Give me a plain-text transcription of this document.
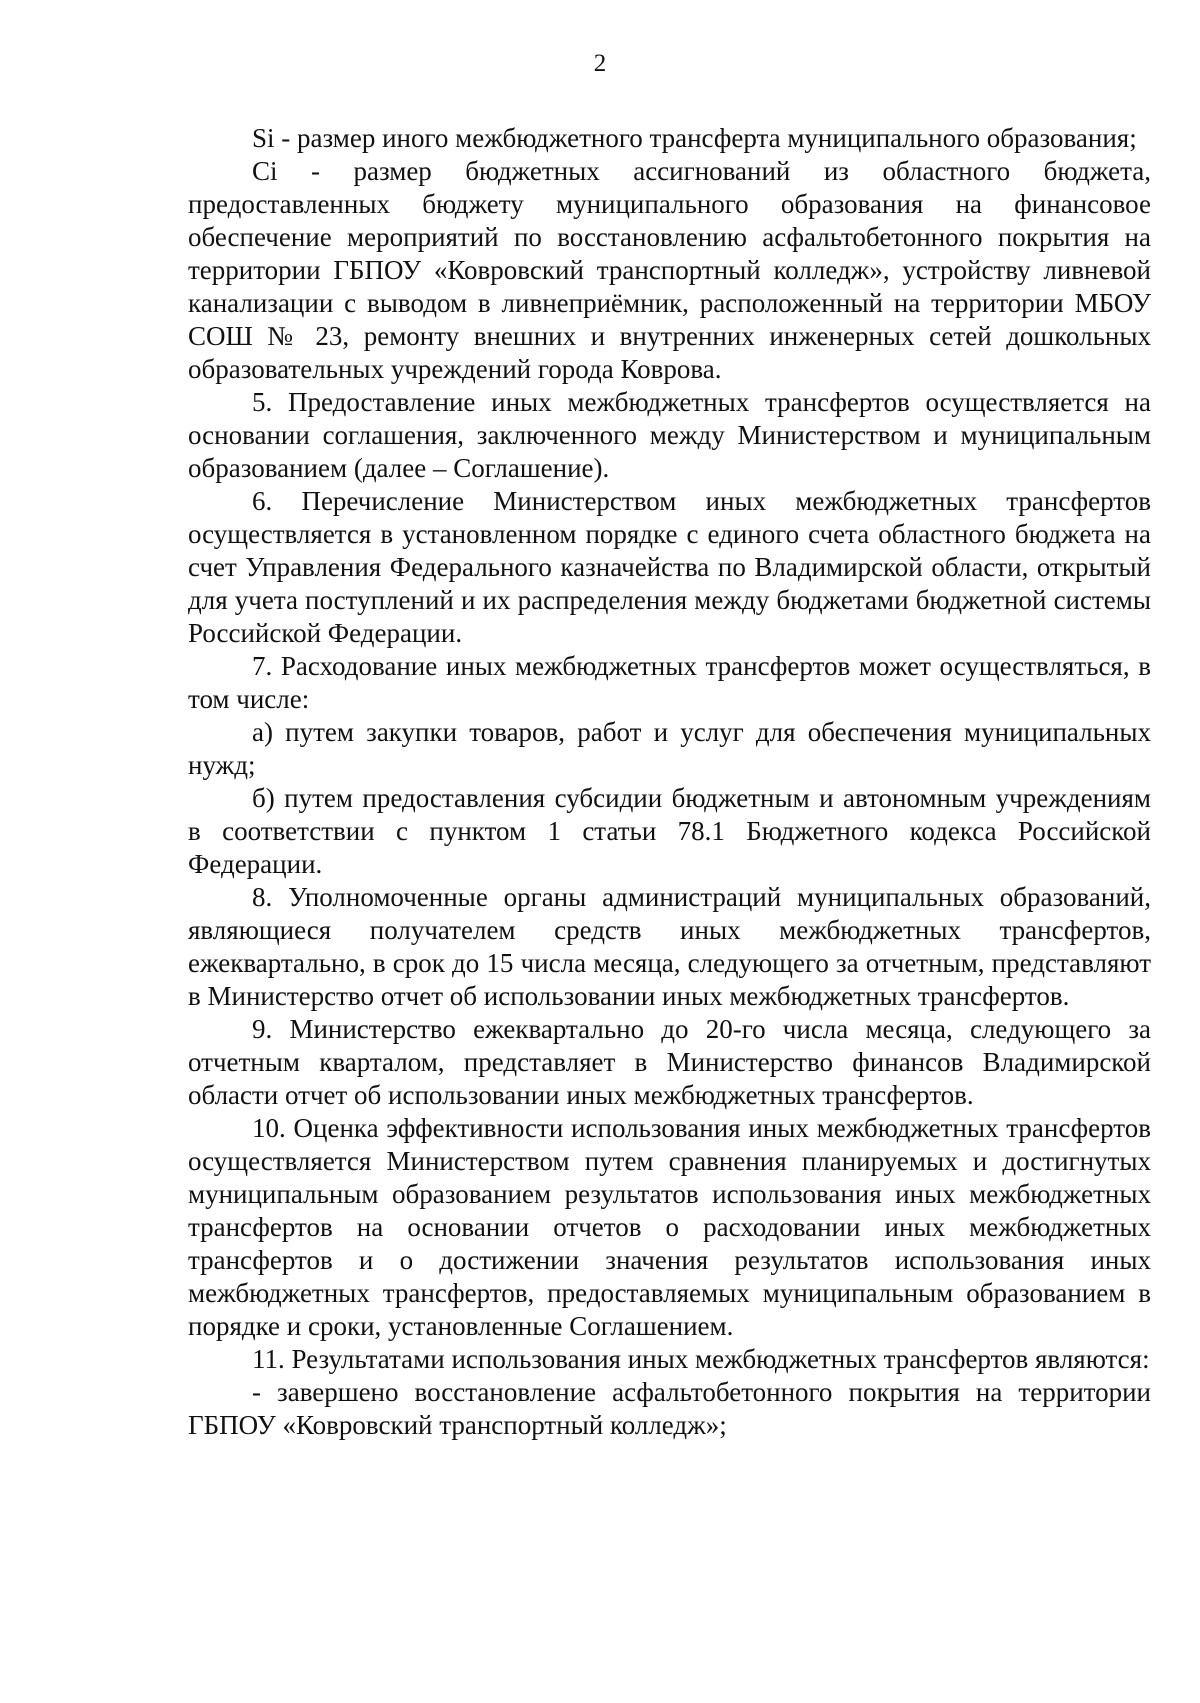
2

Si - размер иного межбюджетного трансферта муниципального образования;

Ci - размер бюджетных ассигнований из областного бюджета, предоставленных бюджету муниципального образования на финансовое обеспечение мероприятий по восстановлению асфальтобетонного покрытия на территории ГБПОУ «Ковровский транспортный колледж», устройству ливневой канализации с выводом в ливнеприёмник, расположенный на территории МБОУ СОШ № 23, ремонту внешних и внутренних инженерных сетей дошкольных образовательных учреждений города Коврова.

5. Предоставление иных межбюджетных трансфертов осуществляется на основании соглашения, заключенного между Министерством и муниципальным образованием (далее – Соглашение).

6. Перечисление Министерством иных межбюджетных трансфертов осуществляется в установленном порядке с единого счета областного бюджета на счет Управления Федерального казначейства по Владимирской области, открытый для учета поступлений и их распределения между бюджетами бюджетной системы Российской Федерации.

7. Расходование иных межбюджетных трансфертов может осуществляться, в том числе:

а) путем закупки товаров, работ и услуг для обеспечения муниципальных нужд;

б) путем предоставления субсидии бюджетным и автономным учреждениям в соответствии с пунктом 1 статьи 78.1 Бюджетного кодекса Российской Федерации.

8. Уполномоченные органы администраций муниципальных образований, являющиеся получателем средств иных межбюджетных трансфертов, ежеквартально, в срок до 15 числа месяца, следующего за отчетным, представляют в Министерство отчет об использовании иных межбюджетных трансфертов.

9. Министерство ежеквартально до 20-го числа месяца, следующего за отчетным кварталом, представляет в Министерство финансов Владимирской области отчет об использовании иных межбюджетных трансфертов.

10. Оценка эффективности использования иных межбюджетных трансфертов осуществляется Министерством путем сравнения планируемых и достигнутых муниципальным образованием результатов использования иных межбюджетных трансфертов на основании отчетов о расходовании иных межбюджетных трансфертов и о достижении значения результатов использования иных межбюджетных трансфертов, предоставляемых муниципальным образованием в порядке и сроки, установленные Соглашением.

11. Результатами использования иных межбюджетных трансфертов являются:

- завершено восстановление асфальтобетонного покрытия на территории ГБПОУ «Ковровский транспортный колледж»;
